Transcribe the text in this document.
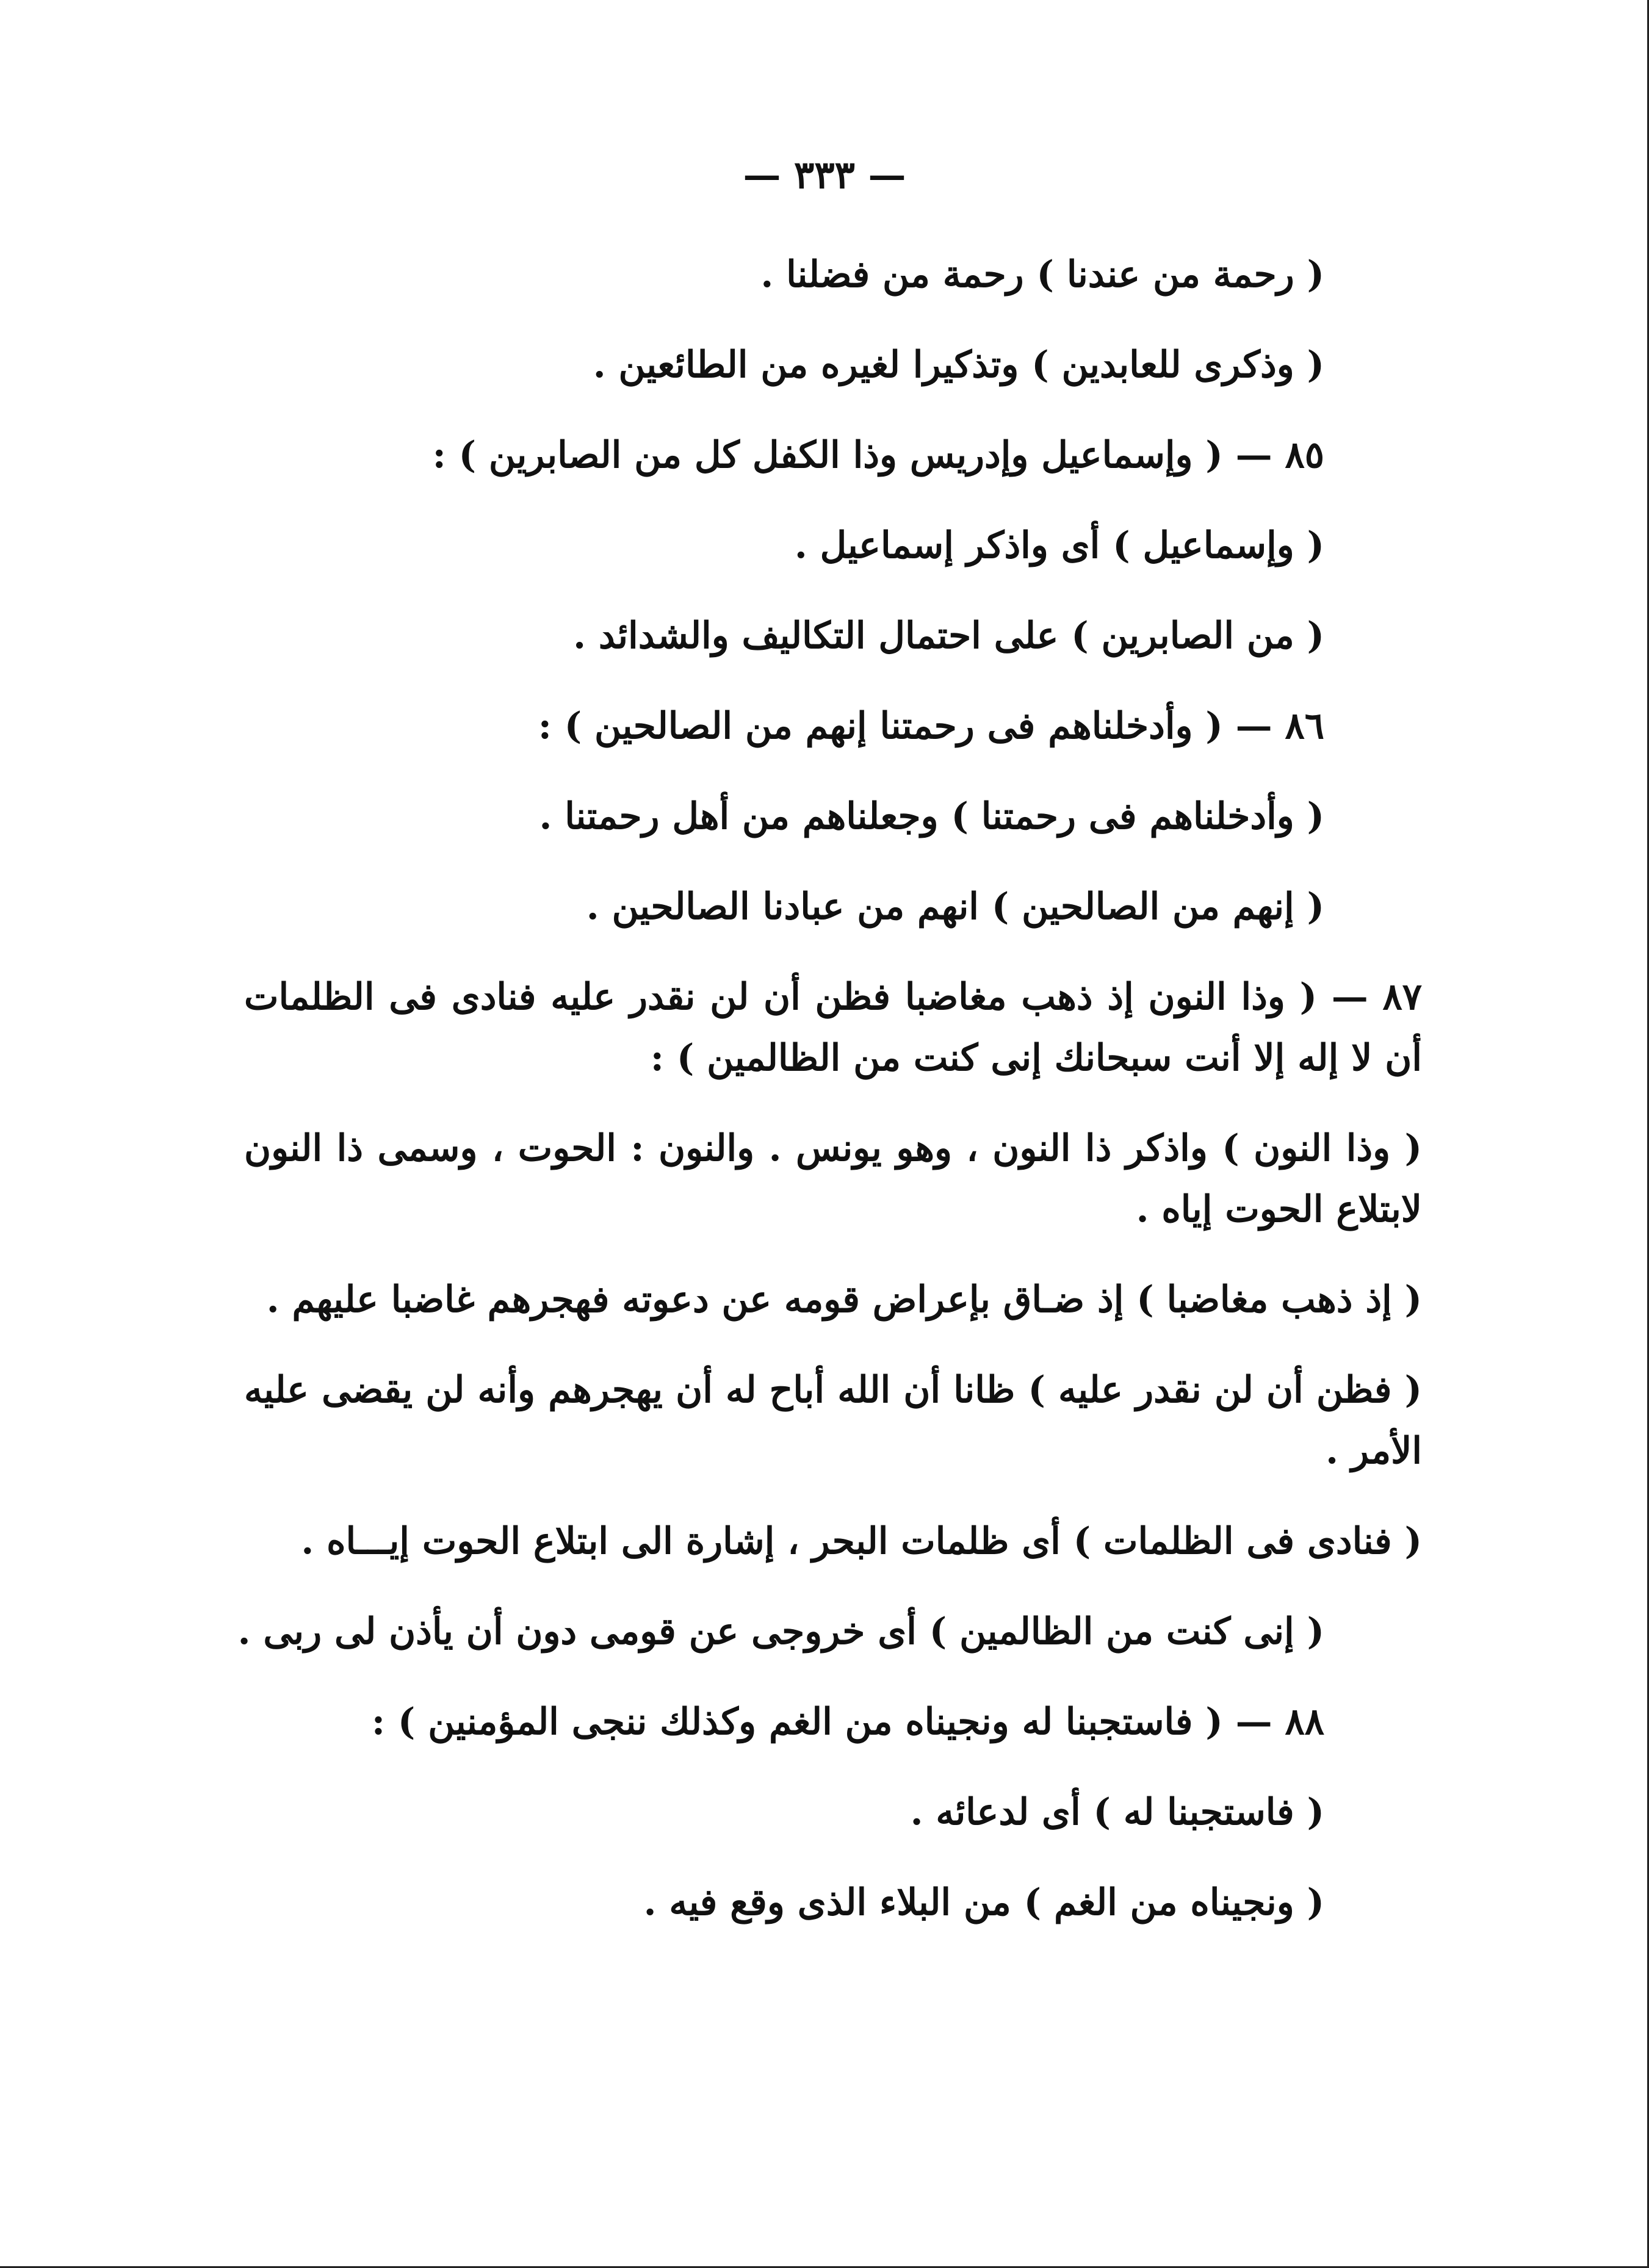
— ٣٣٣ —
( رحمة من عندنا ) رحمة من فضلنا .
( وذكرى للعابدين ) وتذكيرا لغيره من الطائعين .
٨٥ — ( وإسماعيل وإدريس وذا الكفل كل من الصابرين ) :
( وإسماعيل ) أى واذكر إسماعيل .
( من الصابرين ) على احتمال التكاليف والشدائد .
٨٦ — ( وأدخلناهم فى رحمتنا إنهم من الصالحين ) :
( وأدخلناهم فى رحمتنا ) وجعلناهم من أهل رحمتنا .
( إنهم من الصالحين ) انهم من عبادنا الصالحين .
٨٧ — ( وذا النون إذ ذهب مغاضبا فظن أن لن نقدر عليه فنادى فى الظلمات أن لا إله إلا أنت سبحانك إنى كنت من الظالمين ) :
( وذا النون ) واذكر ذا النون ، وهو يونس . والنون : الحوت ، وسمى ذا النون لابتلاع الحوت إياه .
( إذ ذهب مغاضبا ) إذ ضـاق بإعراض قومه عن دعوته فهجرهم غاضبا عليهم .
( فظن أن لن نقدر عليه ) ظانا أن الله أباح له أن يهجرهم وأنه لن يقضى عليه الأمر .
( فنادى فى الظلمات ) أى ظلمات البحر ، إشارة الى ابتلاع الحوت إيـــاه .
( إنى كنت من الظالمين ) أى خروجى عن قومى دون أن يأذن لى ربى .
٨٨ — ( فاستجبنا له ونجيناه من الغم وكذلك ننجى المؤمنين ) :
( فاستجبنا له ) أى لدعائه .
( ونجيناه من الغم ) من البلاء الذى وقع فيه .
